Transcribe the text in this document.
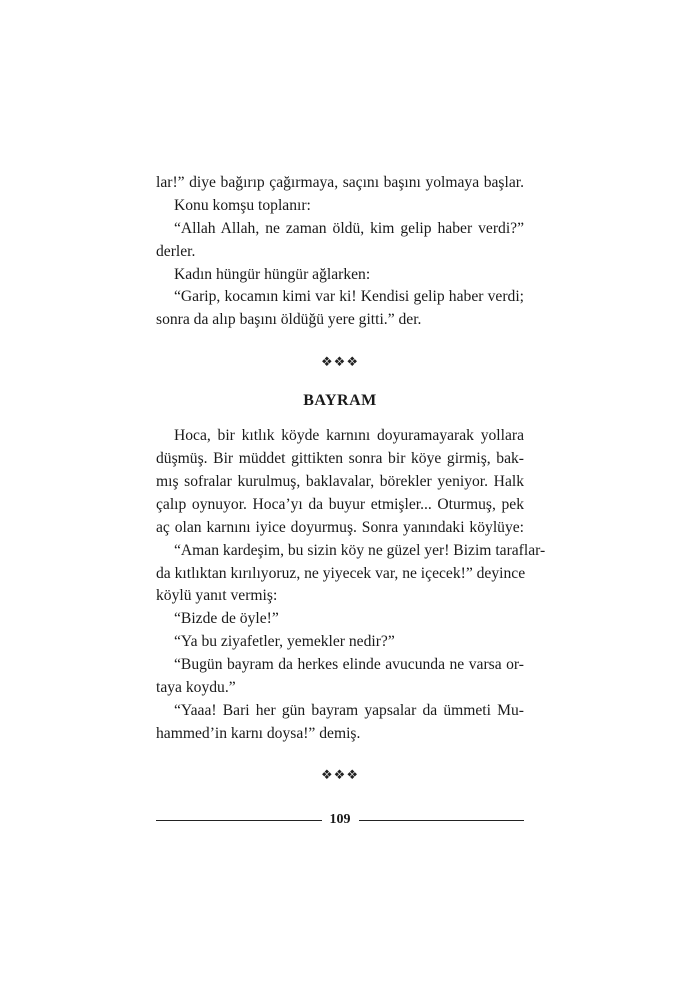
lar!” diye bağırıp çağırmaya, saçını başını yolmaya başlar.
Konu komşu toplanır:
“Allah Allah, ne zaman öldü, kim gelip haber verdi?”
derler.
Kadın hüngür hüngür ağlarken:
“Garip, kocamın kimi var ki! Kendisi gelip haber verdi;
sonra da alıp başını öldüğü yere gitti.” der.
❖❖❖
BAYRAM
Hoca, bir kıtlık köyde karnını doyuramayarak yollara
düşmüş. Bir müddet gittikten sonra bir köye girmiş, bak-
mış sofralar kurulmuş, baklavalar, börekler yeniyor. Halk
çalıp oynuyor. Hoca’yı da buyur etmişler... Oturmuş, pek
aç olan karnını iyice doyurmuş. Sonra yanındaki köylüye:
“Aman kardeşim, bu sizin köy ne güzel yer! Bizim taraflar-
da kıtlıktan kırılıyoruz, ne yiyecek var, ne içecek!” deyince
köylü yanıt vermiş:
“Bizde de öyle!”
“Ya bu ziyafetler, yemekler nedir?”
“Bugün bayram da herkes elinde avucunda ne varsa or-
taya koydu.”
“Yaaa! Bari her gün bayram yapsalar da ümmeti Mu-
hammed’in karnı doysa!” demiş.
❖❖❖
109
